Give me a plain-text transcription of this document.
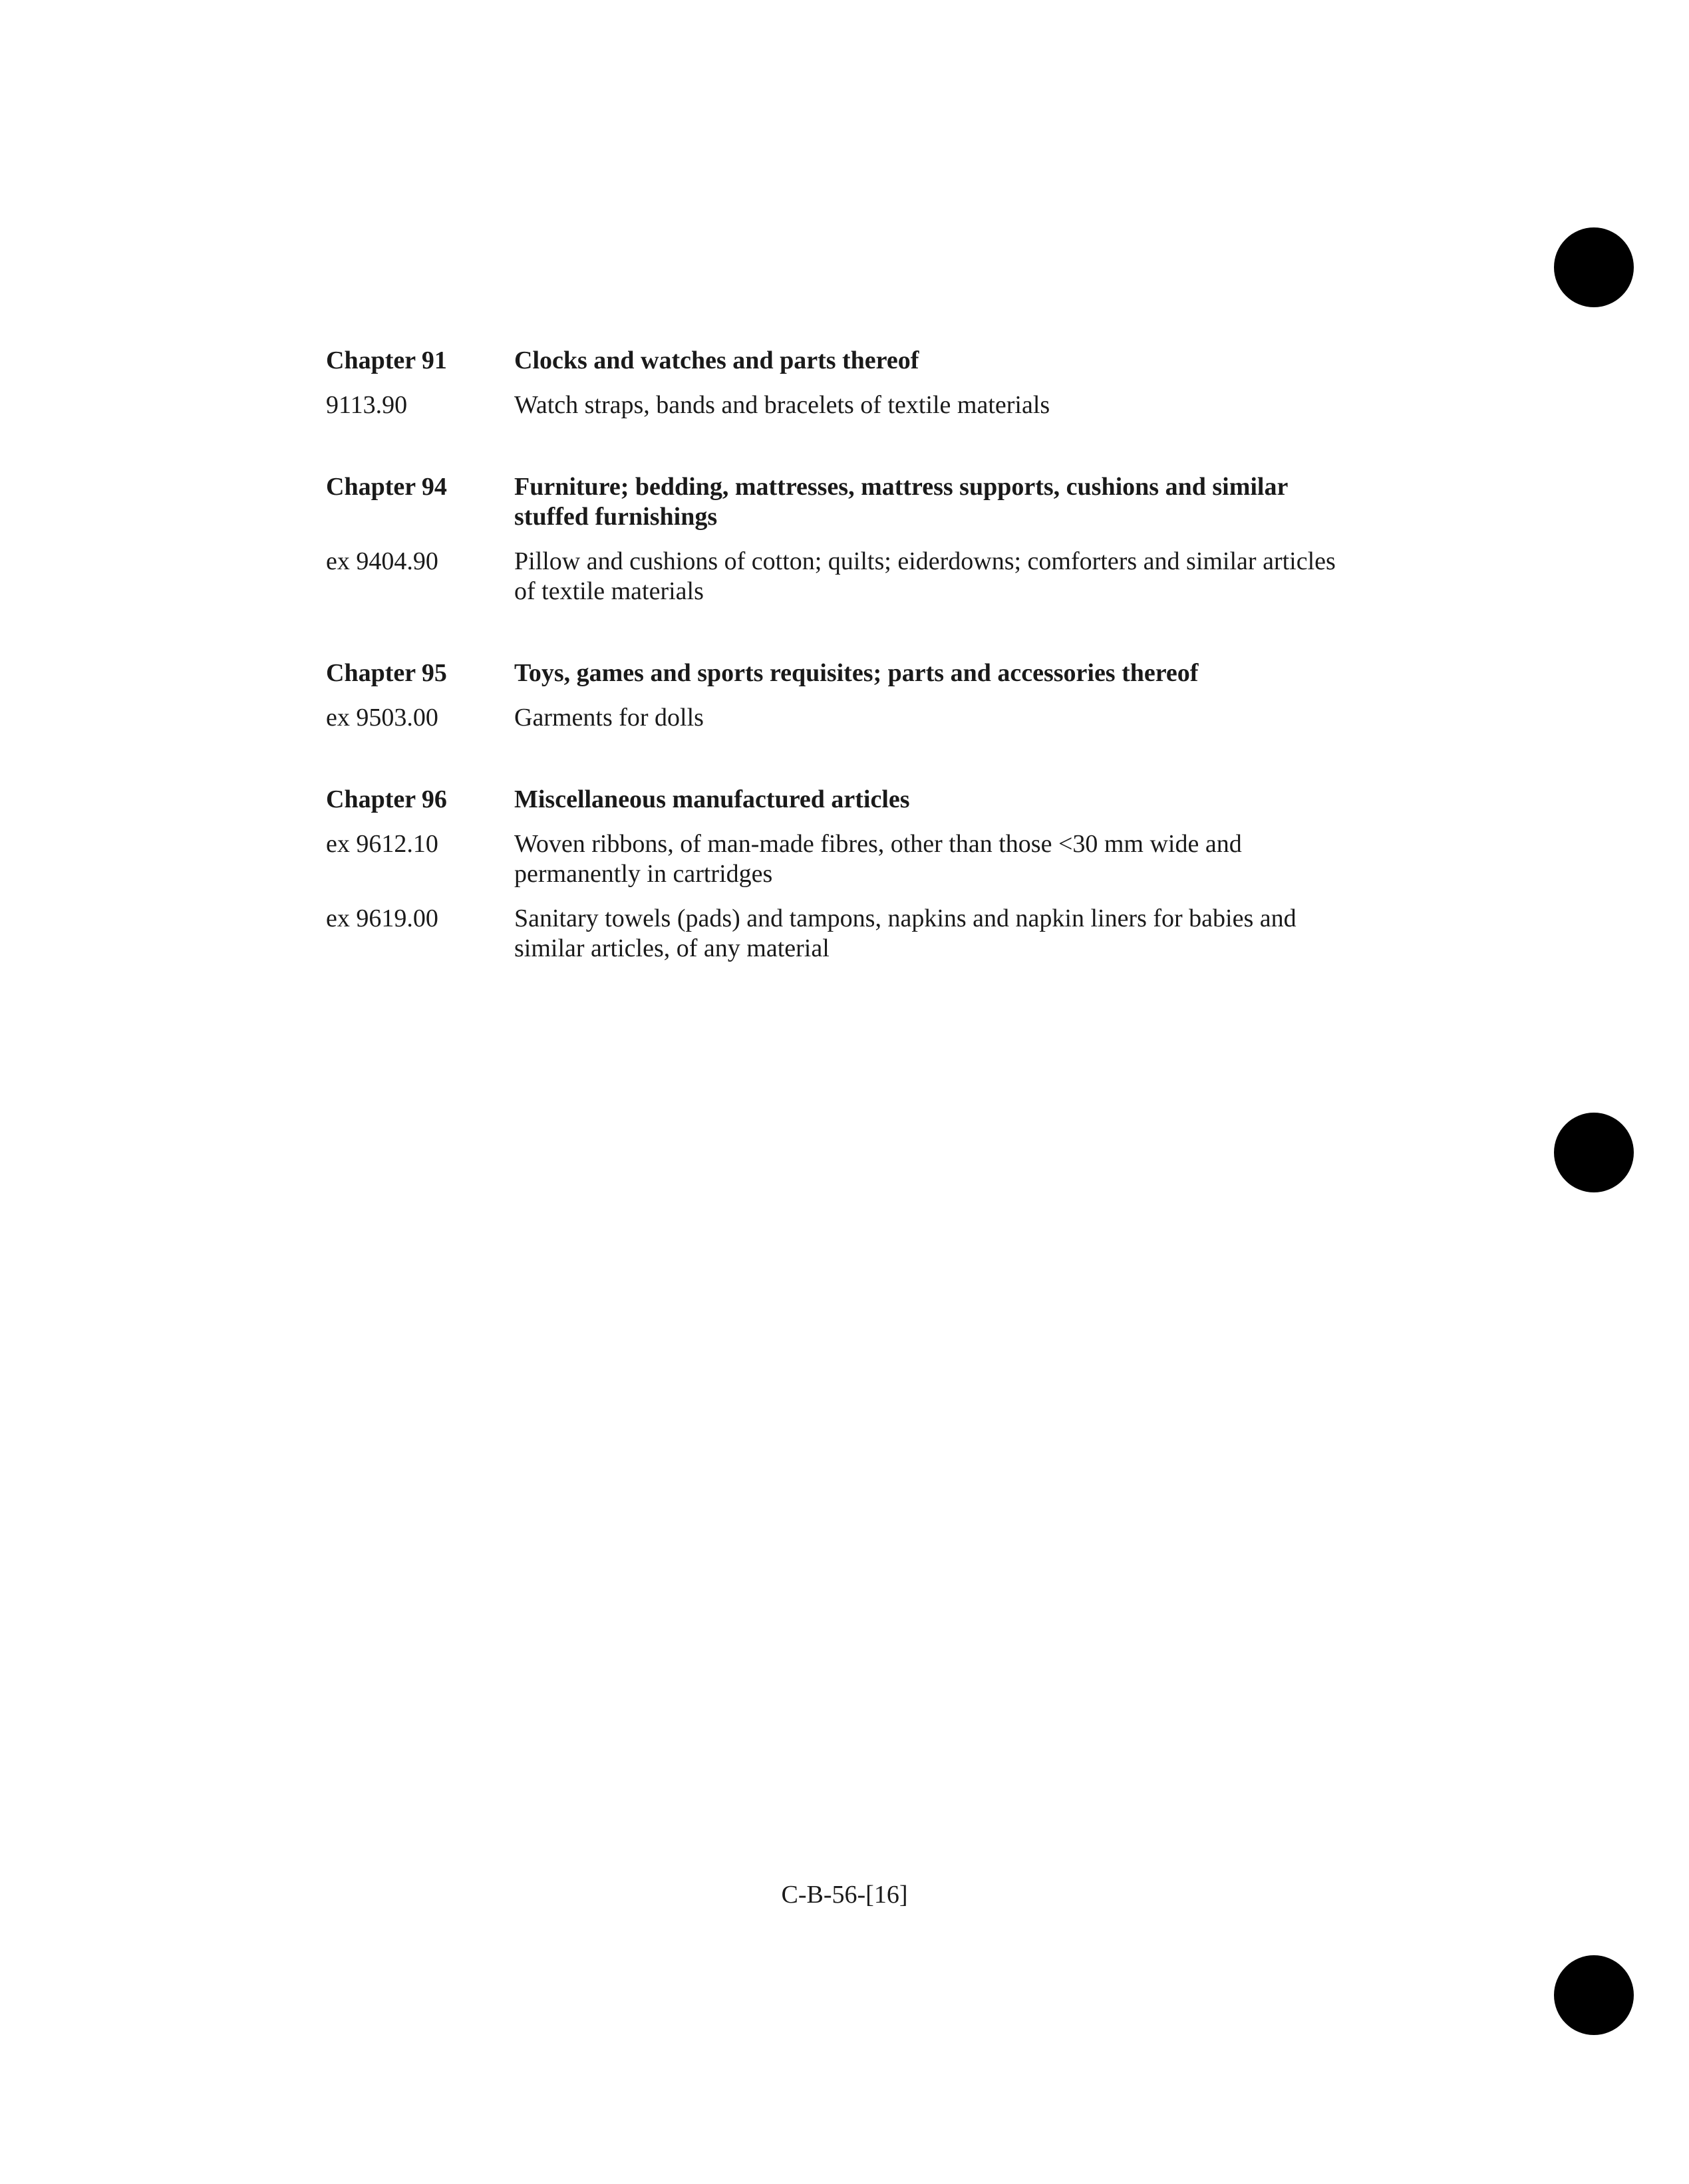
Chapter 91	Clocks and watches and parts thereof
9113.90	Watch straps, bands and bracelets of textile materials
Chapter 94	Furniture; bedding, mattresses, mattress supports, cushions and similar stuffed furnishings
ex 9404.90	Pillow and cushions of cotton; quilts; eiderdowns; comforters and similar articles of textile materials
Chapter 95	Toys, games and sports requisites; parts and accessories thereof
ex 9503.00	Garments for dolls
Chapter 96	Miscellaneous manufactured articles
ex 9612.10	Woven ribbons, of man-made fibres, other than those <30 mm wide and permanently in cartridges
ex 9619.00	Sanitary towels (pads) and tampons, napkins and napkin liners for babies and similar articles, of any material
C-B-56-[16]
